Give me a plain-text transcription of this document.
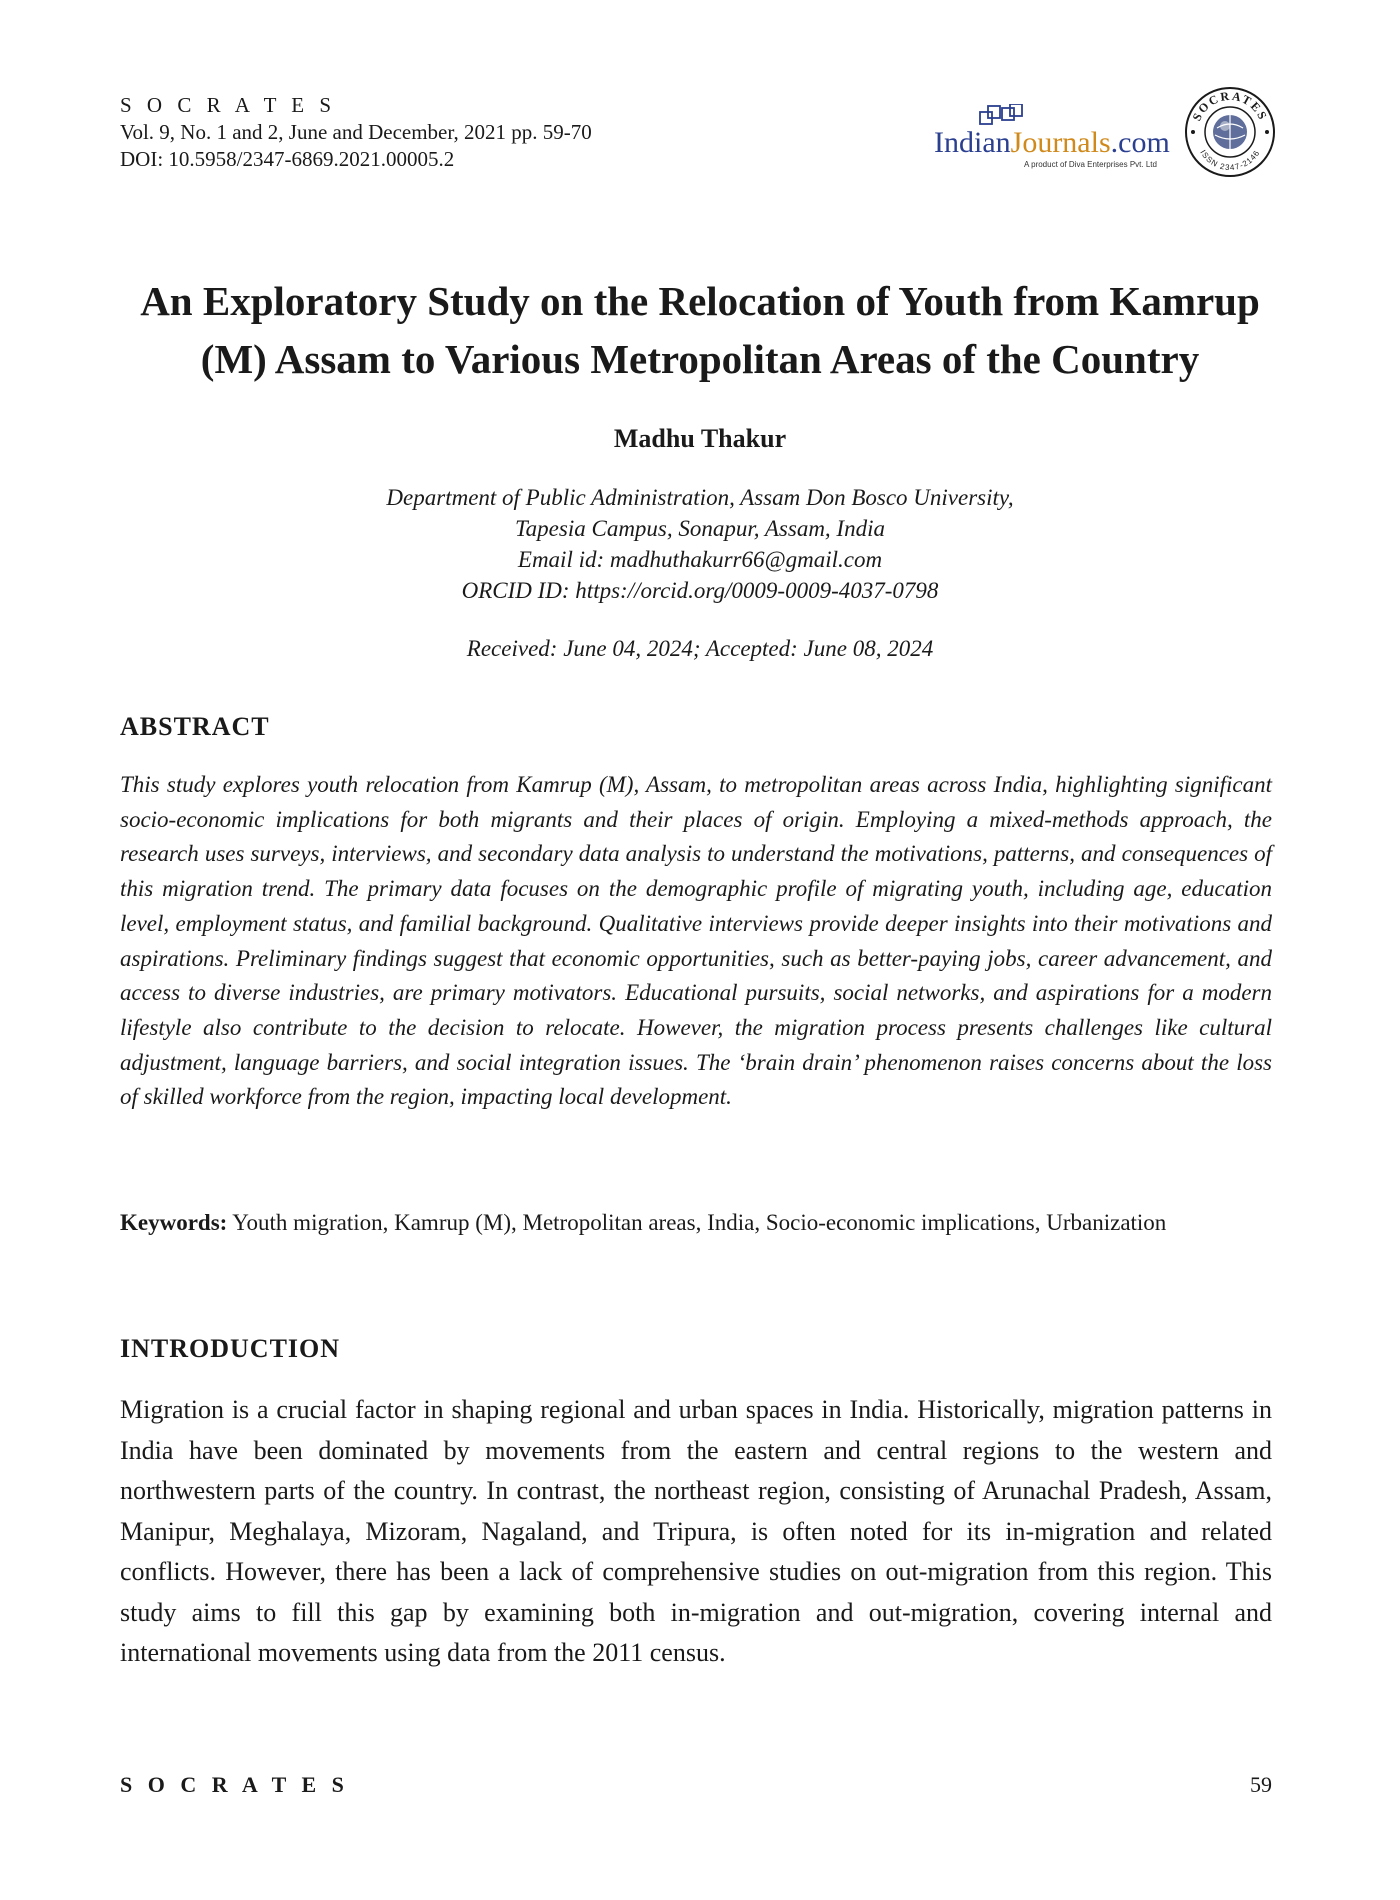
S O C R A T E S
Vol. 9, No. 1 and 2, June and December, 2021 pp. 59-70
DOI: 10.5958/2347-6869.2021.00005.2	IndianJournals.com
A product of Diva Enterprises Pvt. Ltd
SOCRATES
ISSN 2347-2146
An Exploratory Study on the Relocation of Youth from Kamrup
(M) Assam to Various Metropolitan Areas of the Country
Madhu Thakur
Department of Public Administration, Assam Don Bosco University,
Tapesia Campus, Sonapur, Assam, India
Email id: madhuthakurr66@gmail.com
ORCID ID: https://orcid.org/0009-0009-4037-0798
Received: June 04, 2024; Accepted: June 08, 2024
ABSTRACT
This study explores youth relocation from Kamrup (M), Assam, to metropolitan areas across India, highlighting significant socio-economic implications for both migrants and their places of origin. Employing a mixed-methods approach, the research uses surveys, interviews, and secondary data analysis to understand the motivations, patterns, and consequences of this migration trend. The primary data focuses on the demographic profile of migrating youth, including age, education level, employment status, and familial background. Qualitative interviews provide deeper insights into their motivations and aspirations. Preliminary findings suggest that economic opportunities, such as better-paying jobs, career advancement, and access to diverse industries, are primary motivators. Educational pursuits, social networks, and aspirations for a modern lifestyle also contribute to the decision to relocate. However, the migration process presents challenges like cultural adjustment, language barriers, and social integration issues. The ‘brain drain’ phenomenon raises concerns about the loss of skilled workforce from the region, impacting local development.
Keywords: Youth migration, Kamrup (M), Metropolitan areas, India, Socio-economic implications, Urbanization
INTRODUCTION
Migration is a crucial factor in shaping regional and urban spaces in India. Historically, migration patterns in India have been dominated by movements from the eastern and central regions to the western and northwestern parts of the country. In contrast, the northeast region, consisting of Arunachal Pradesh, Assam, Manipur, Meghalaya, Mizoram, Nagaland, and Tripura, is often noted for its in-migration and related conflicts. However, there has been a lack of comprehensive studies on out-migration from this region. This study aims to fill this gap by examining both in-migration and out-migration, covering internal and international movements using data from the 2011 census.
S O C R A T E S	59
